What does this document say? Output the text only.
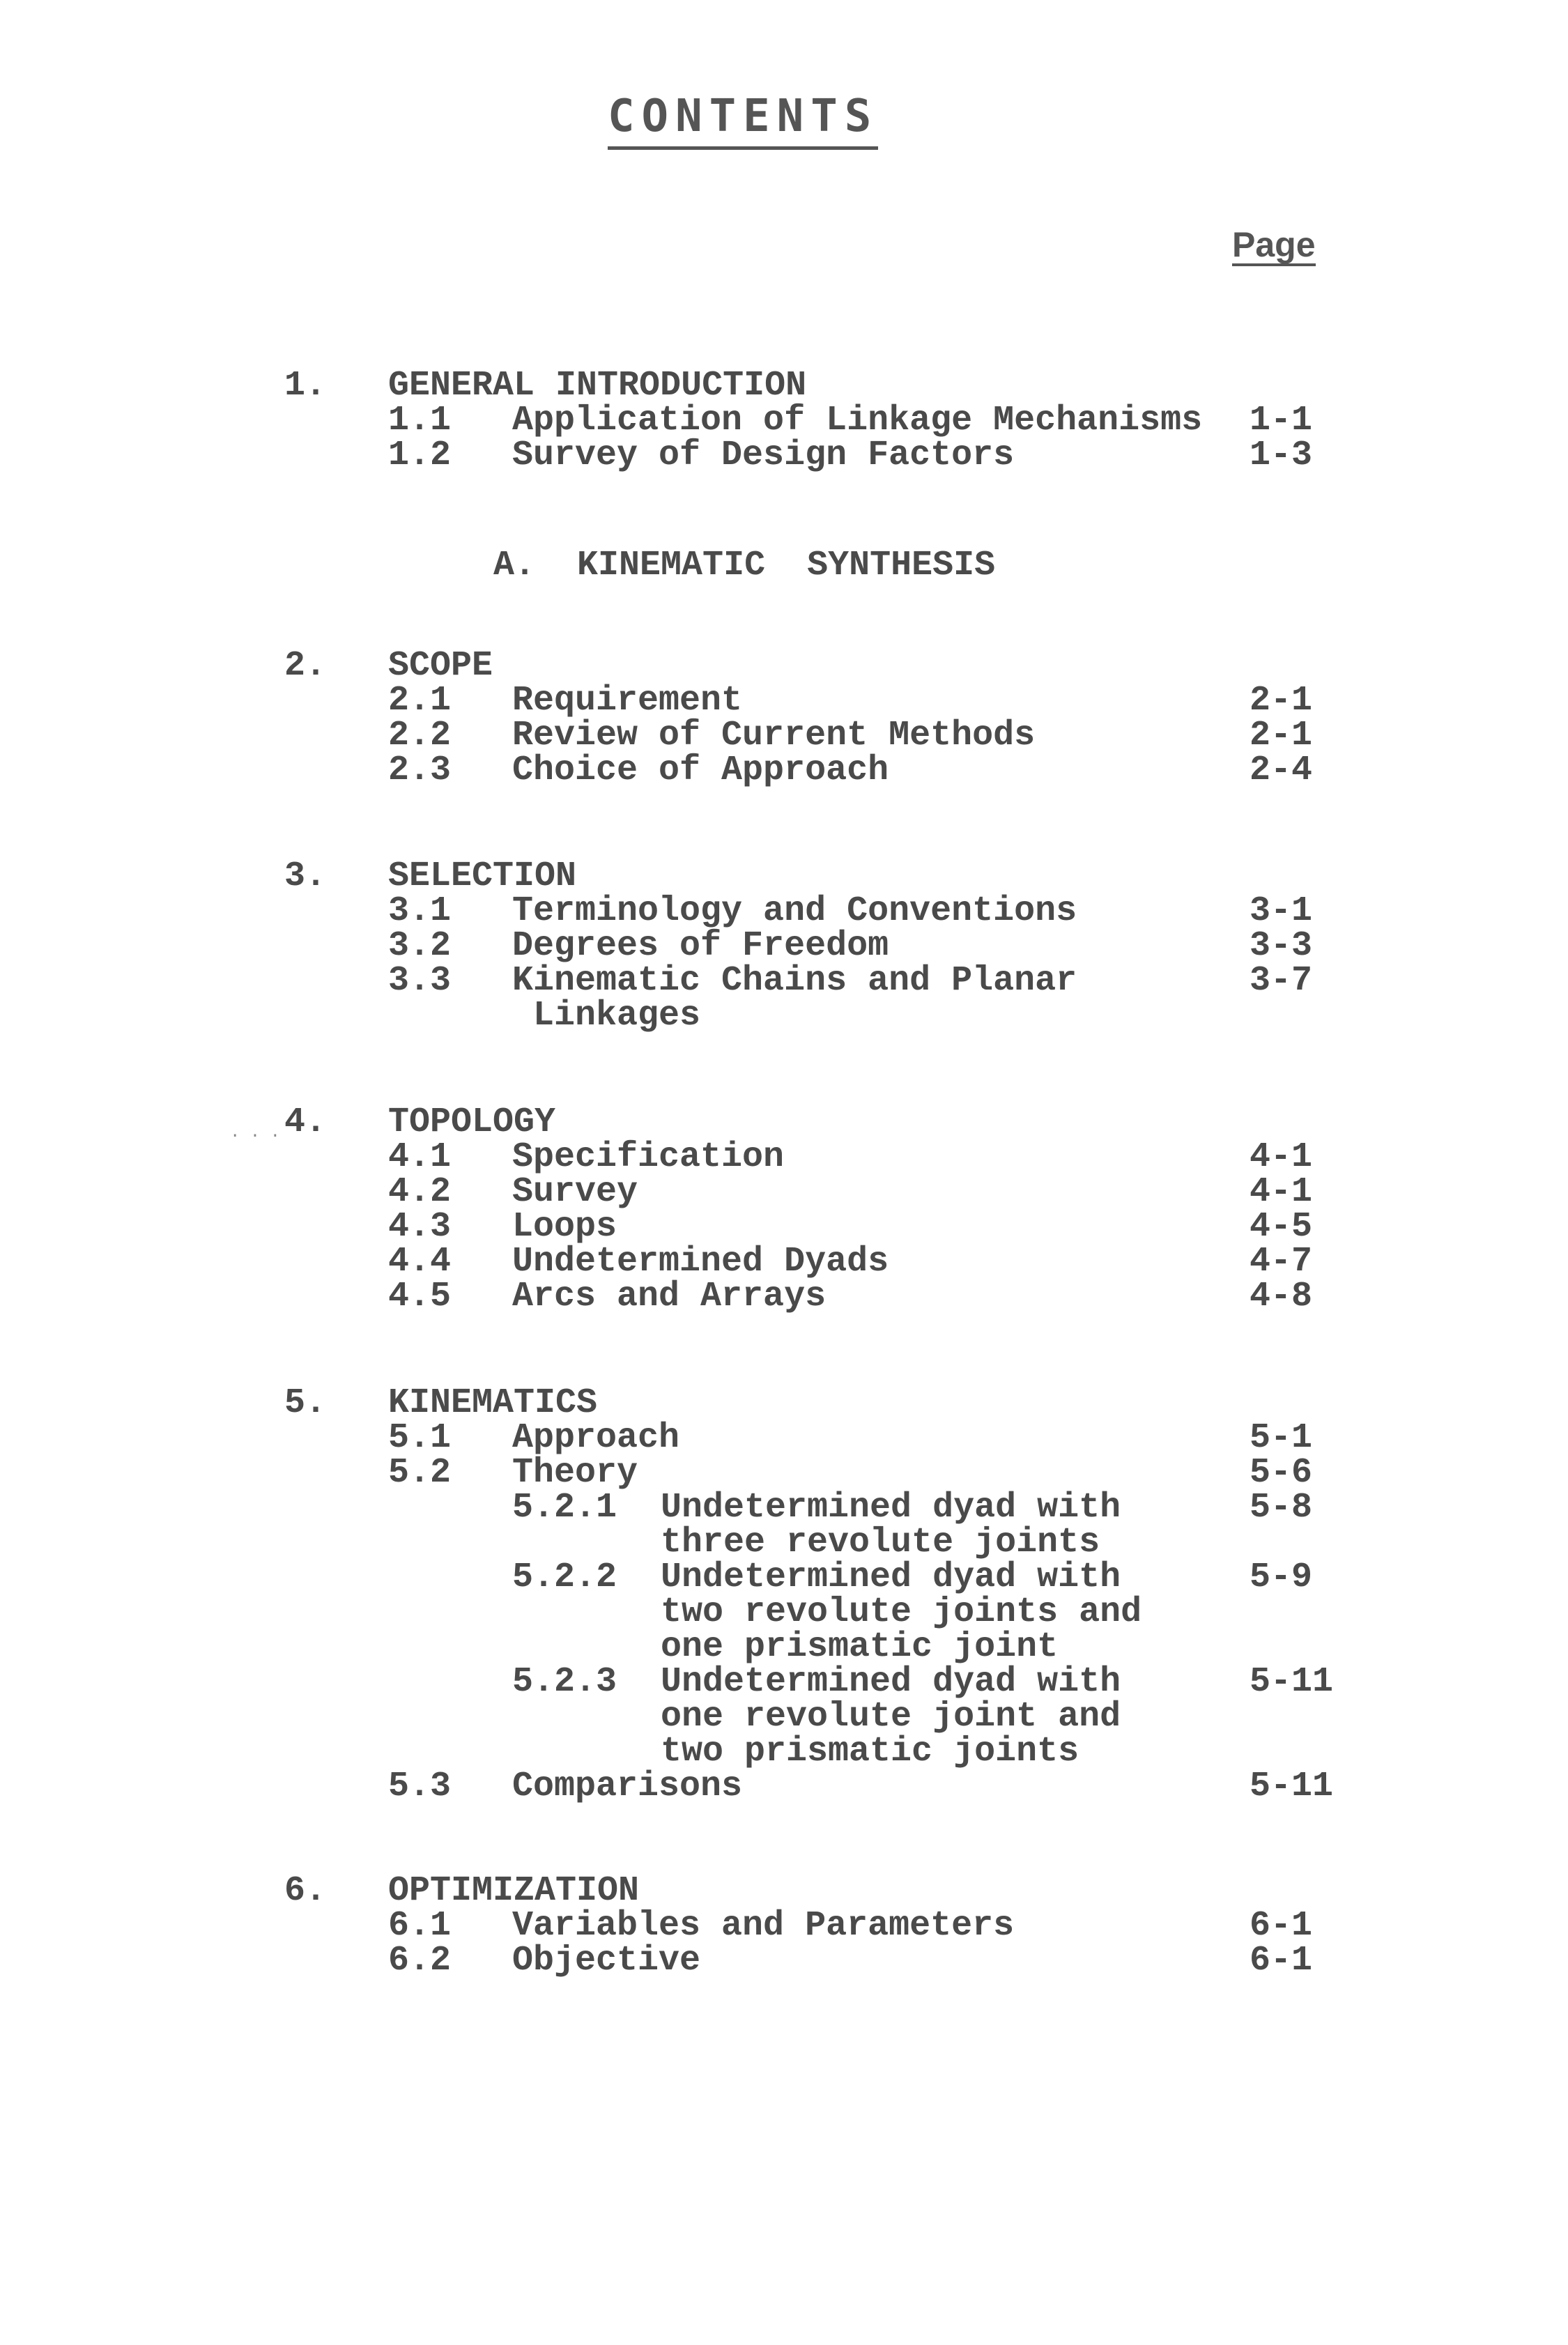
CONTENTS
Page
. . .
A. KINEMATIC  SYNTHESIS
1. GENERAL INTRODUCTION
1.1 Application of Linkage Mechanisms 1-1
1.2 Survey of Design Factors	1-3
2. SCOPE
2.1 Requirement	2-1
2.2 Review of Current Methods	2-1
2.3 Choice of Approach	2-4
3. SELECTION
3.1 Terminology and Conventions	3-1
3.2 Degrees of Freedom	3-3
3.3 Kinematic Chains and Planar	3-7
Linkages
4. TOPOLOGY
4.1 Specification	4-1
4.2 Survey	4-1
4.3 Loops	4-5
4.4 Undetermined Dyads	4-7
4.5 Arcs and Arrays	4-8
5. KINEMATICS
5.1 Approach	5-1
5.2 Theory	5-6
5.2.1 Undetermined dyad with	5-8
three revolute joints
5.2.2 Undetermined dyad with	5-9
two revolute joints and
one prismatic joint
5.2.3 Undetermined dyad with	5-11
one revolute joint and
two prismatic joints
5.3 Comparisons	5-11
6. OPTIMIZATION
6.1 Variables and Parameters	6-1
6.2 Objective	6-1
